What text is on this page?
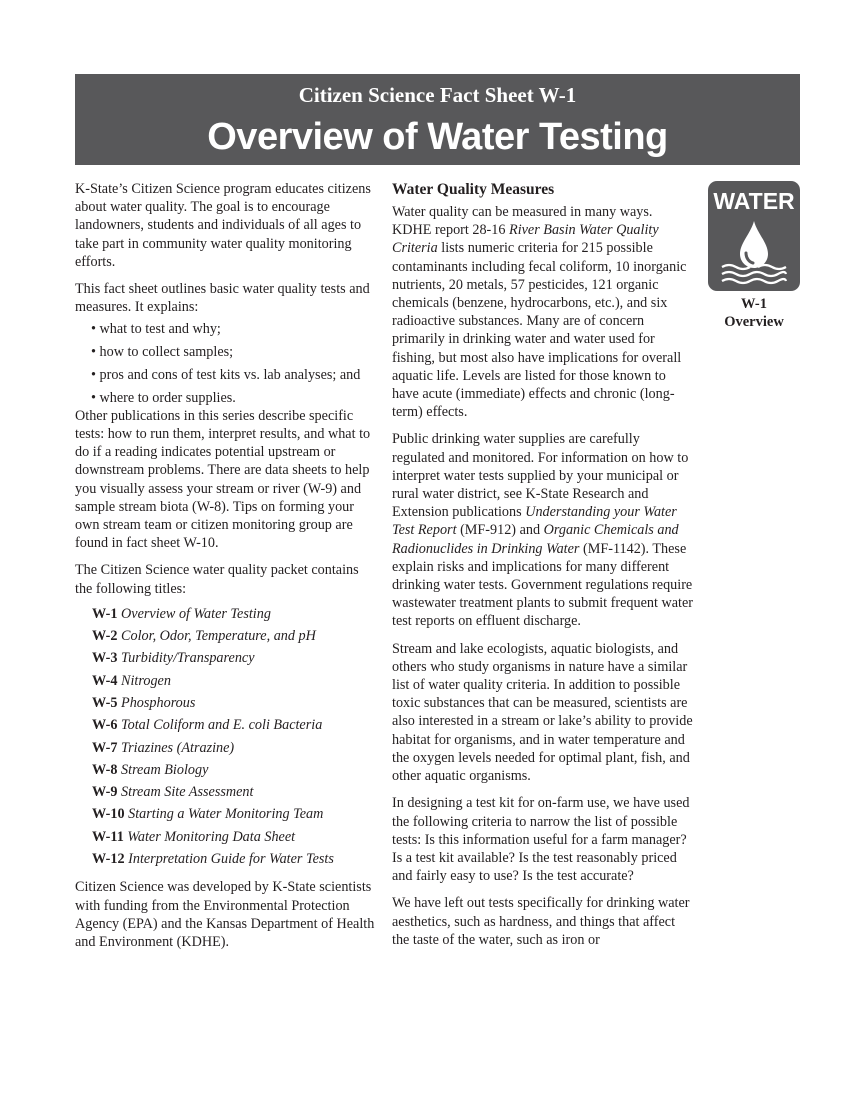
Citizen Science Fact Sheet W-1
Overview of Water Testing

K-State’s Citizen Science program educates citizens about water quality. The goal is to encourage landowners, students and individuals of all ages to take part in community water quality monitoring efforts.

This fact sheet outlines basic water quality tests and measures. It explains:

• what to test and why;
• how to collect samples;
• pros and cons of test kits vs. lab analyses; and
• where to order supplies.

Other publications in this series describe specific tests: how to run them, interpret results, and what to do if a reading indicates potential upstream or downstream problems. There are data sheets to help you visually assess your stream or river (W-9) and sample stream biota (W-8). Tips on forming your own stream team or citizen monitoring group are found in fact sheet W-10.

The Citizen Science water quality packet contains the following titles:

W-1 Overview of Water Testing
W-2 Color, Odor, Temperature, and pH
W-3 Turbidity/Transparency
W-4 Nitrogen
W-5 Phosphorous
W-6 Total Coliform and E. coli Bacteria
W-7 Triazines (Atrazine)
W-8 Stream Biology
W-9 Stream Site Assessment
W-10 Starting a Water Monitoring Team
W-11 Water Monitoring Data Sheet
W-12 Interpretation Guide for Water Tests

Citizen Science was developed by K-State scientists with funding from the Environmental Protection Agency (EPA) and the Kansas Department of Health and Environment (KDHE).

Water Quality Measures

Water quality can be measured in many ways. KDHE report 28-16 River Basin Water Quality Criteria lists numeric criteria for 215 possible contaminants including fecal coliform, 10 inorganic nutrients, 20 metals, 57 pesticides, 121 organic chemicals (benzene, hydrocarbons, etc.), and six radioactive substances. Many are of concern primarily in drinking water and water used for fishing, but most also have implications for overall aquatic life. Levels are listed for those known to have acute (immediate) effects and chronic (long-term) effects.

Public drinking water supplies are carefully regulated and monitored. For information on how to interpret water tests supplied by your municipal or rural water district, see K-State Research and Extension publications Understanding your Water Test Report (MF-912) and Organic Chemicals and Radionuclides in Drinking Water (MF-1142). These explain risks and implications for many different drinking water tests. Government regulations require wastewater treatment plants to submit frequent water test reports on effluent discharge.

Stream and lake ecologists, aquatic biologists, and others who study organisms in nature have a similar list of water quality criteria. In addition to possible toxic substances that can be measured, scientists are also interested in a stream or lake’s ability to provide habitat for organisms, and in water temperature and the oxygen levels needed for optimal plant, fish, and other aquatic organisms.

In designing a test kit for on-farm use, we have used the following criteria to narrow the list of possible tests: Is this information useful for a farm manager? Is a test kit available? Is the test reasonably priced and fairly easy to use? Is the test accurate?

We have left out tests specifically for drinking water aesthetics, such as hardness, and things that affect the taste of the water, such as iron or

WATER
W-1
Overview
